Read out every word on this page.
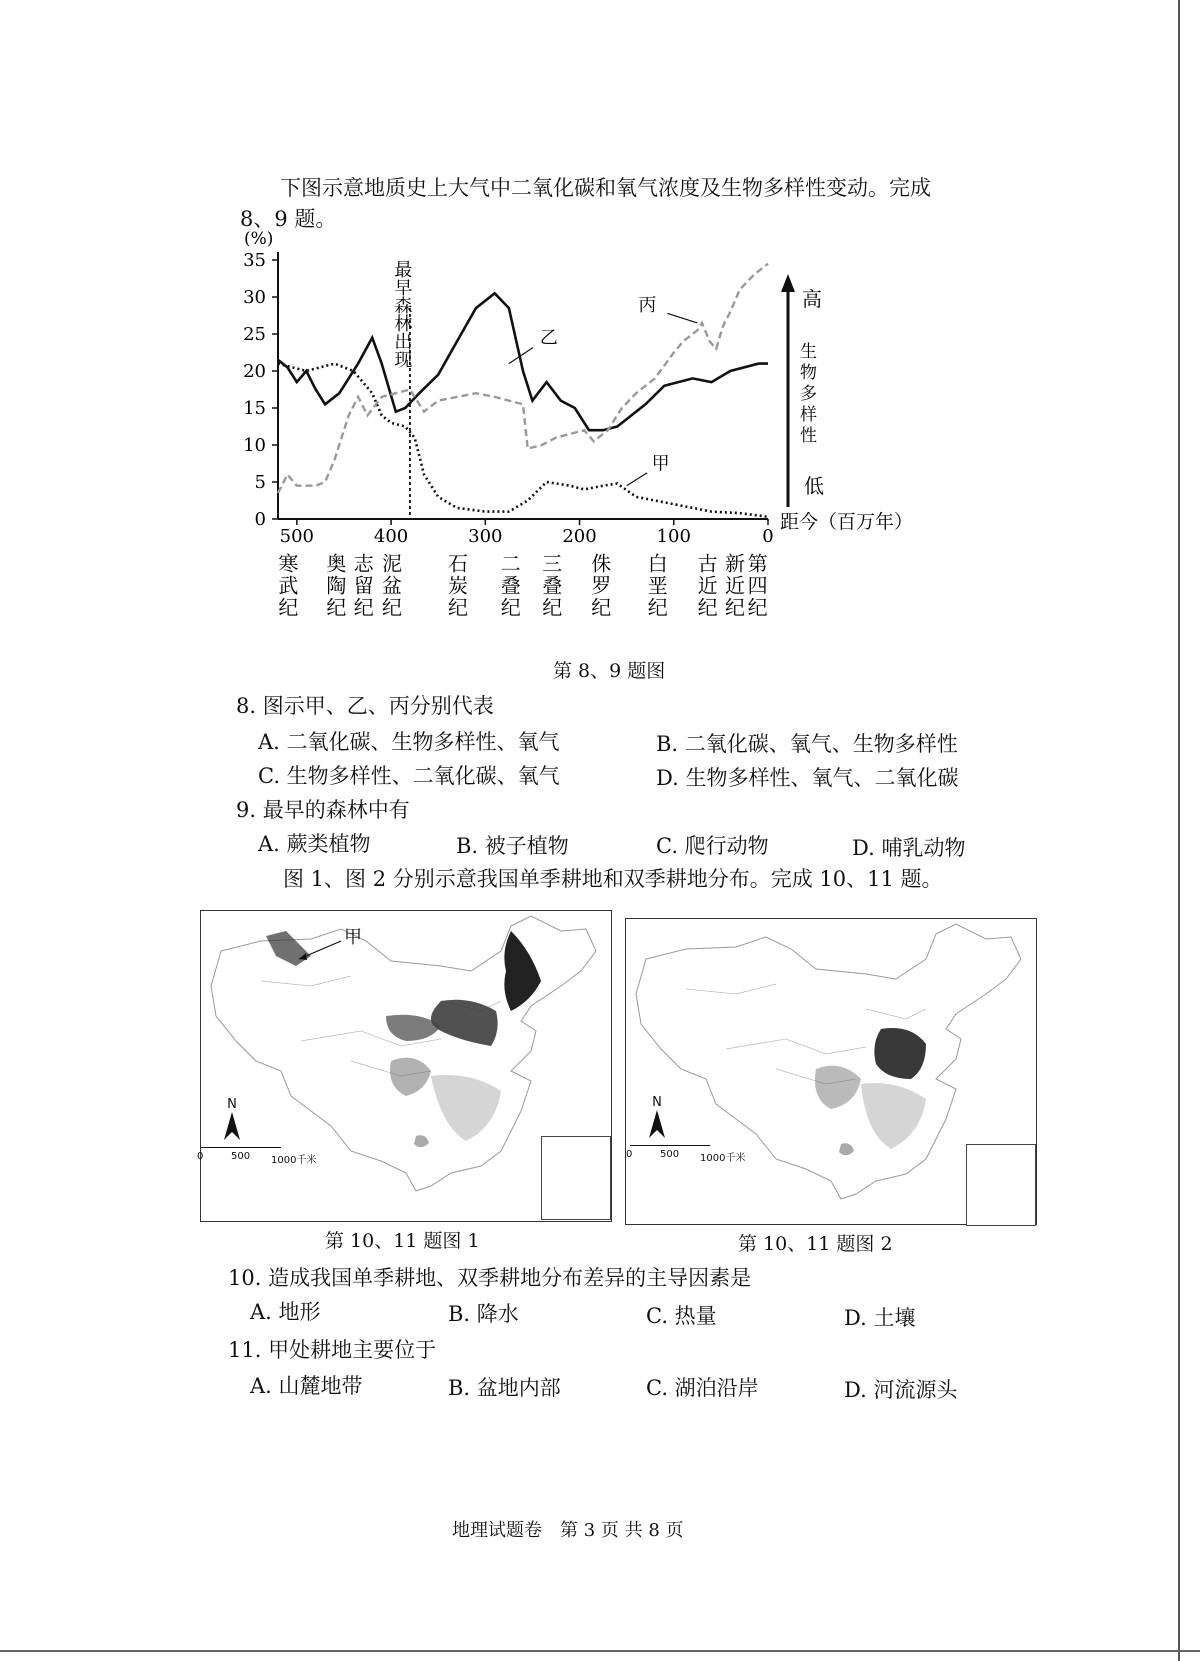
下图示意地质史上大气中二氧化碳和氧气浓度及生物多样性变动。完成
8、9 题。
(%)
0
5
10
15
20
25
30
35
500	400	300	200	100	0
距今（百万年）
高
低
生物多样性
最早森林出现
甲
乙
丙
寒武纪 奥陶纪 志留纪 泥盆纪 石炭纪 二叠纪 三叠纪 侏罗纪 白垩纪 古近纪 新近纪
第四纪
第 8、9 题图
8. 图示甲、乙、丙分别代表
A. 二氧化碳、生物多样性、氧气	B. 二氧化碳、氧气、生物多样性
C. 生物多样性、二氧化碳、氧气	D. 生物多样性、氧气、二氧化碳
9. 最早的森林中有
A. 蕨类植物	B. 被子植物	C. 爬行动物	D. 哺乳动物
图 1、图 2 分别示意我国单季耕地和双季耕地分布。完成 10、11 题。
甲
N
0	500 1000千米
第 10、11 题图 1
N
0	500 1000千米
第 10、11 题图 2
10. 造成我国单季耕地、双季耕地分布差异的主导因素是
A. 地形	B. 降水	C. 热量	D. 土壤
11. 甲处耕地主要位于
A. 山麓地带	B. 盆地内部	C. 湖泊沿岸	D. 河流源头
地理试题卷　第 3 页 共 8 页
